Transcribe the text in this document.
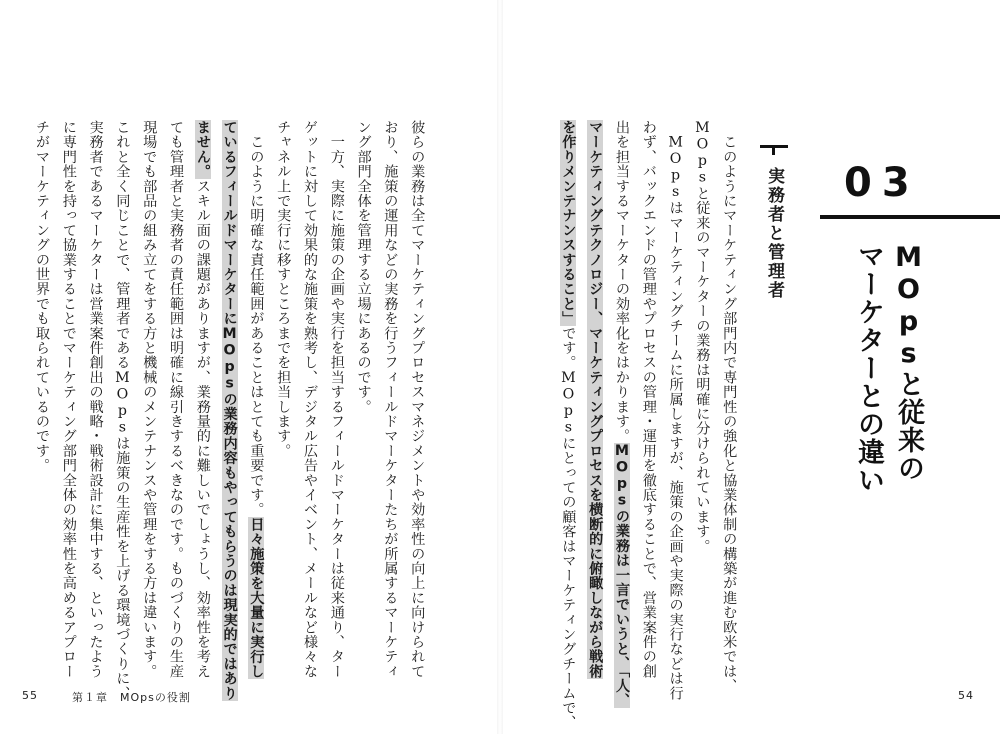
03
MOpsと従来の
マーケターとの違い
実務者と管理者
　このようにマーケティング部門内で専門性の強化と協業体制の構築が進む欧米では、
MOpsと従来のマーケターの業務は明確に分けられています。
　MOpsはマーケティングチームに所属しますが、施策の企画や実際の実行などは行
わず、バックエンドの管理やプロセスの管理・運用を徹底することで、営業案件の創
出を担当するマーケターの効率化をはかります。MOpsの業務は一言でいうと、「人、
マーケティングテクノロジー、マーケティングプロセスを横断的に俯瞰しながら戦術
を作りメンテナンスすること」です。MOpsにとっての顧客はマーケティングチームで、	54
彼らの業務は全てマーケティングプロセスマネジメントや効率性の向上に向けられて
おり、施策の運用などの実務を行うフィールドマーケターたちが所属するマーケティ
ング部門全体を管理する立場にあるのです。
　一方、実際に施策の企画や実行を担当するフィールドマーケターは従来通り、ター
ゲットに対して効果的な施策を熟考し、デジタル広告やイベント、メールなど様々な
チャネル上で実行に移すところまでを担当します。
　このように明確な責任範囲があることはとても重要です。日々施策を大量に実行し
ているフィールドマーケターにMOpsの業務内容もやってもらうのは現実的ではあり
ません。スキル面の課題がありますが、業務量的に難しいでしょうし、効率性を考え
ても管理者と実務者の責任範囲は明確に線引きするべきなのです。ものづくりの生産
現場でも部品の組み立てをする方と機械のメンテナンスや管理をする方は違います。
これと全く同じことで、管理者であるMOpsは施策の生産性を上げる環境づくりに、
実務者であるマーケターは営業案件創出の戦略・戦術設計に集中する、といったよう
に専門性を持って協業することでマーケティング部門全体の効率性を高めるアプロー
チがマーケティングの世界でも取られているのです。
55	第１章　MOpsの役割
